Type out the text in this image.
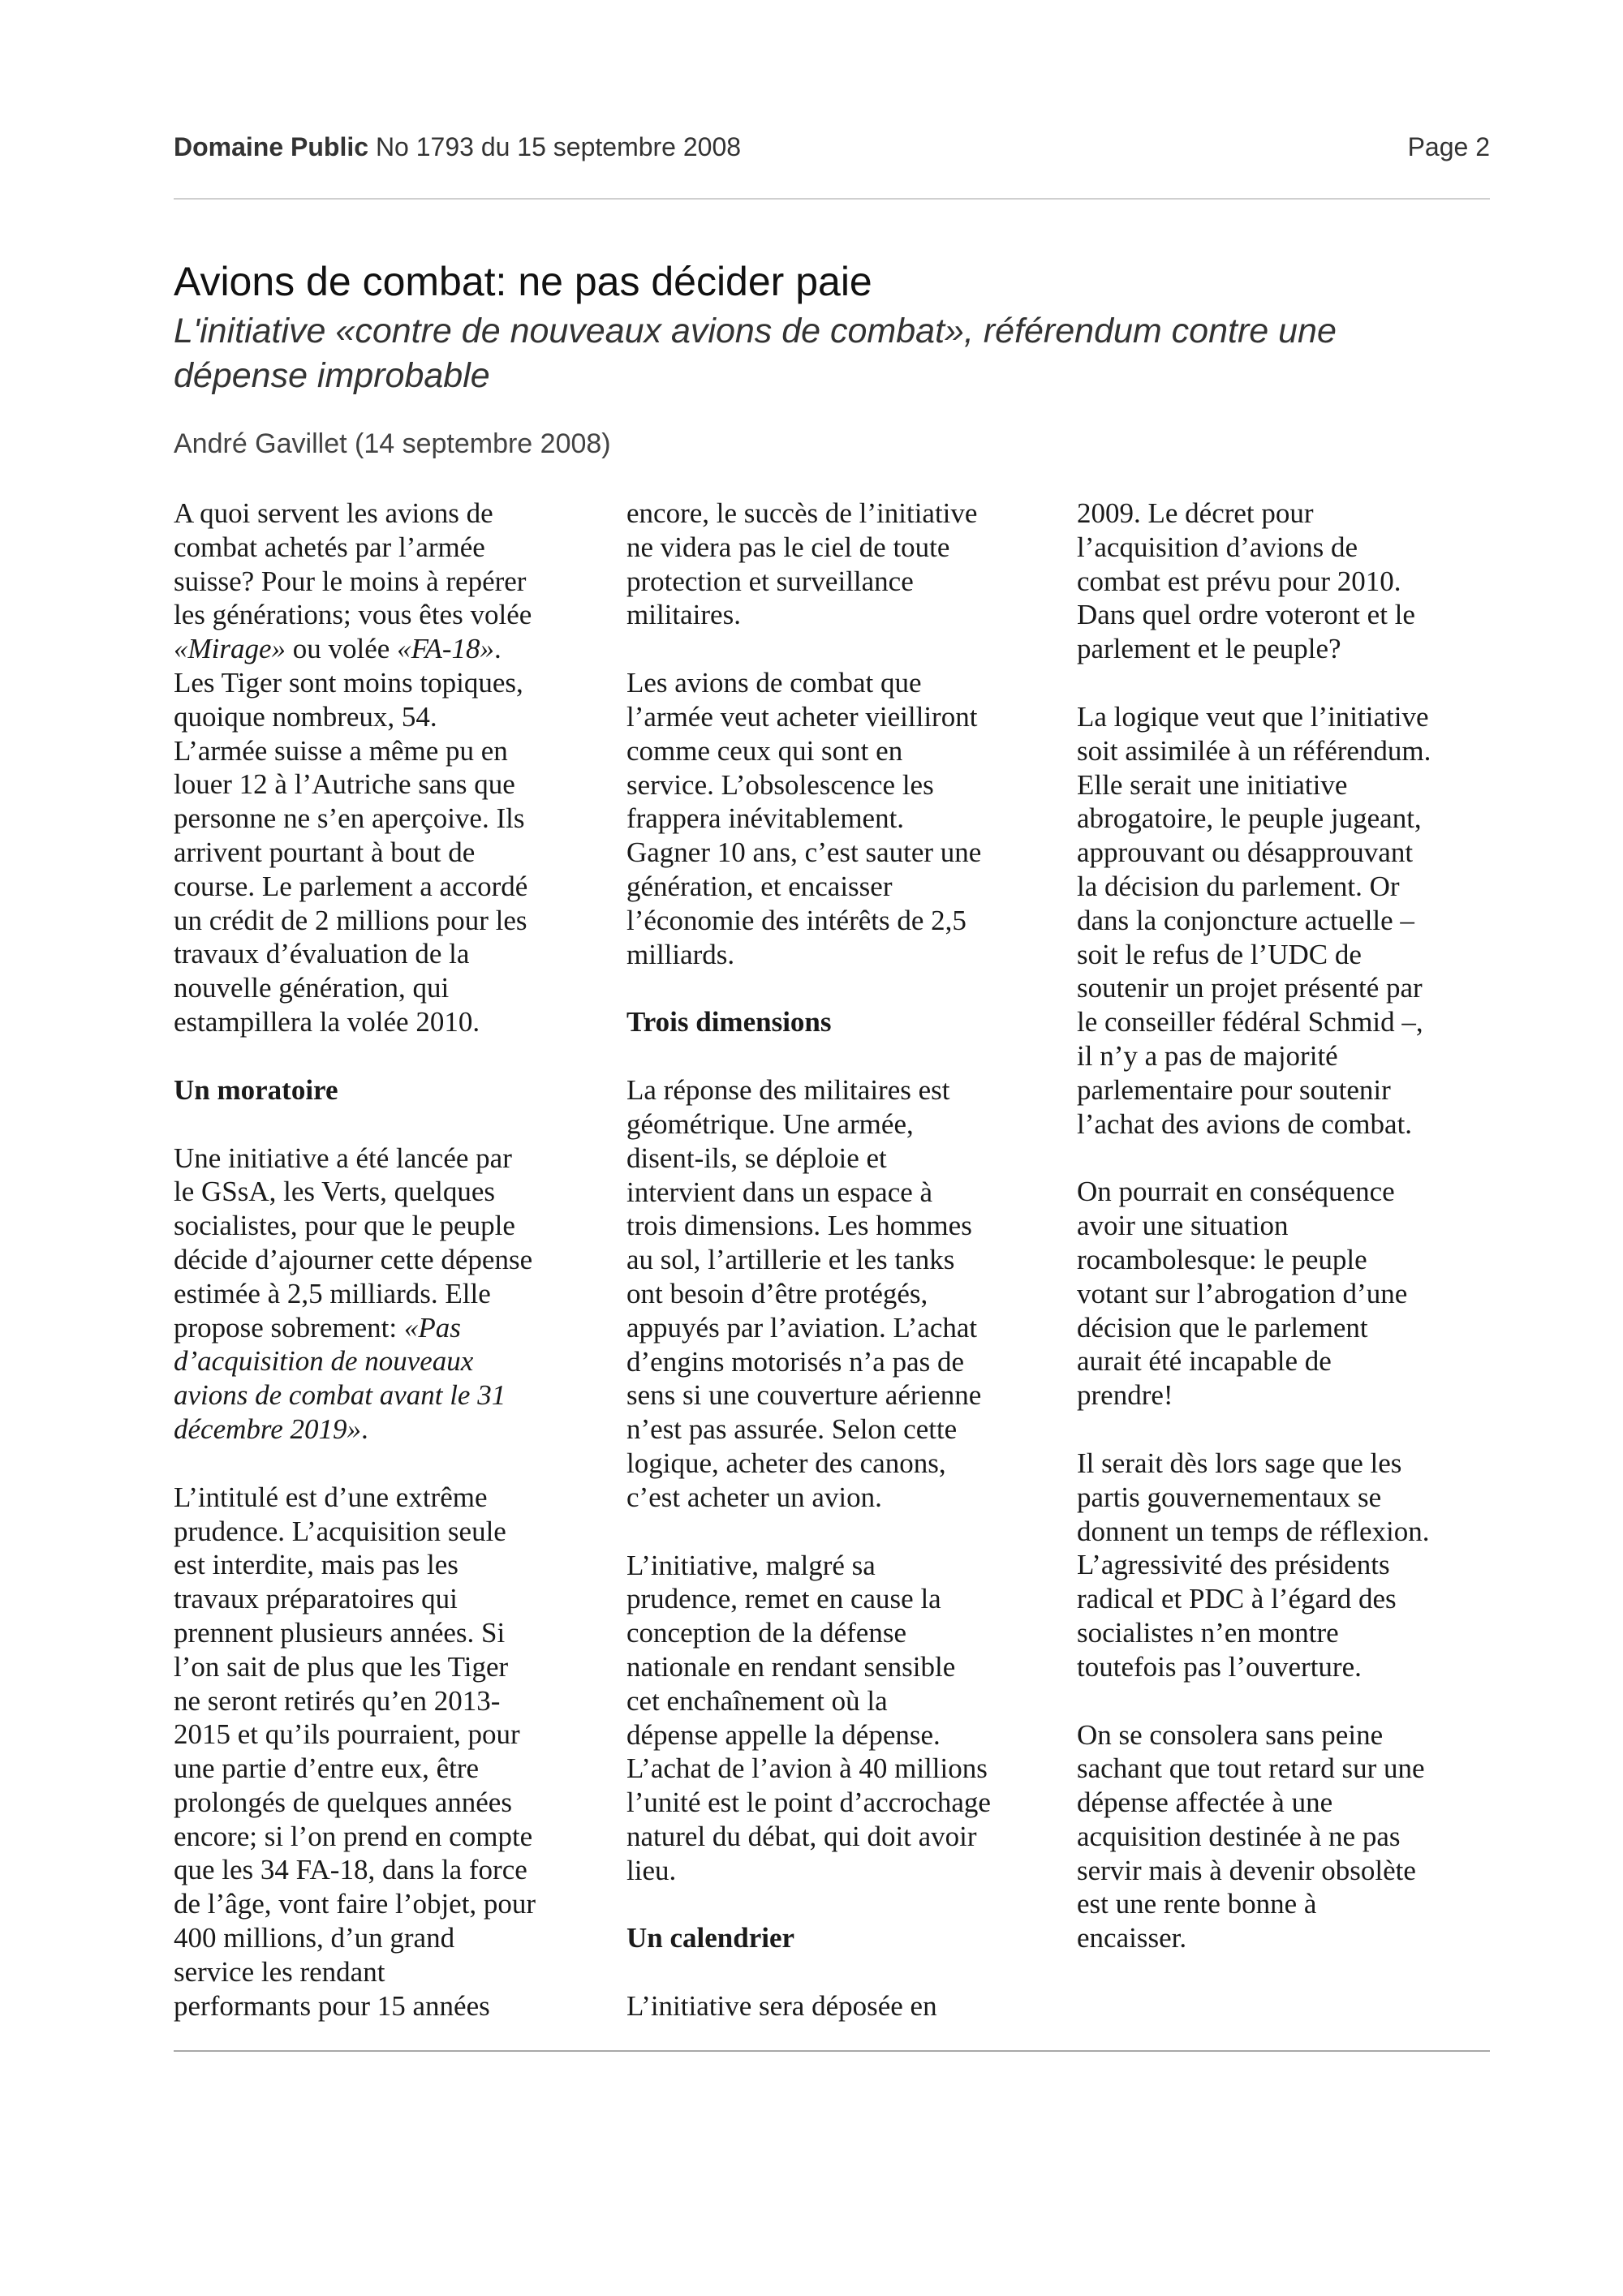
Domaine Public No 1793 du 15 septembre 2008	Page 2
Avions de combat: ne pas décider paie
L'initiative «contre de nouveaux avions de combat», référendum contre une
dépense improbable
André Gavillet (14 septembre 2008)

A quoi servent les avions de
combat achetés par l’armée
suisse? Pour le moins à repérer
les générations; vous êtes volée
«Mirage» ou volée «FA-18».
Les Tiger sont moins topiques,
quoique nombreux, 54.
L’armée suisse a même pu en
louer 12 à l’Autriche sans que
personne ne s’en aperçoive. Ils
arrivent pourtant à bout de
course. Le parlement a accordé
un crédit de 2 millions pour les
travaux d’évaluation de la
nouvelle génération, qui
estampillera la volée 2010.

Un moratoire

Une initiative a été lancée par
le GSsA, les Verts, quelques
socialistes, pour que le peuple
décide d’ajourner cette dépense
estimée à 2,5 milliards. Elle
propose sobrement: «Pas
d’acquisition de nouveaux
avions de combat avant le 31
décembre 2019».

L’intitulé est d’une extrême
prudence. L’acquisition seule
est interdite, mais pas les
travaux préparatoires qui
prennent plusieurs années. Si
l’on sait de plus que les Tiger
ne seront retirés qu’en 2013-
2015 et qu’ils pourraient, pour
une partie d’entre eux, être
prolongés de quelques années
encore; si l’on prend en compte
que les 34 FA-18, dans la force
de l’âge, vont faire l’objet, pour
400 millions, d’un grand
service les rendant
performants pour 15 années

encore, le succès de l’initiative
ne videra pas le ciel de toute
protection et surveillance
militaires.

Les avions de combat que
l’armée veut acheter vieilliront
comme ceux qui sont en
service. L’obsolescence les
frappera inévitablement.
Gagner 10 ans, c’est sauter une
génération, et encaisser
l’économie des intérêts de 2,5
milliards.

Trois dimensions

La réponse des militaires est
géométrique. Une armée,
disent-ils, se déploie et
intervient dans un espace à
trois dimensions. Les hommes
au sol, l’artillerie et les tanks
ont besoin d’être protégés,
appuyés par l’aviation. L’achat
d’engins motorisés n’a pas de
sens si une couverture aérienne
n’est pas assurée. Selon cette
logique, acheter des canons,
c’est acheter un avion.

L’initiative, malgré sa
prudence, remet en cause la
conception de la défense
nationale en rendant sensible
cet enchaînement où la
dépense appelle la dépense.
L’achat de l’avion à 40 millions
l’unité est le point d’accrochage
naturel du débat, qui doit avoir
lieu.

Un calendrier

L’initiative sera déposée en

2009. Le décret pour
l’acquisition d’avions de
combat est prévu pour 2010.
Dans quel ordre voteront et le
parlement et le peuple?

La logique veut que l’initiative
soit assimilée à un référendum.
Elle serait une initiative
abrogatoire, le peuple jugeant,
approuvant ou désapprouvant
la décision du parlement. Or
dans la conjoncture actuelle –
soit le refus de l’UDC de
soutenir un projet présenté par
le conseiller fédéral Schmid –,
il n’y a pas de majorité
parlementaire pour soutenir
l’achat des avions de combat.

On pourrait en conséquence
avoir une situation
rocambolesque: le peuple
votant sur l’abrogation d’une
décision que le parlement
aurait été incapable de
prendre!

Il serait dès lors sage que les
partis gouvernementaux se
donnent un temps de réflexion.
L’agressivité des présidents
radical et PDC à l’égard des
socialistes n’en montre
toutefois pas l’ouverture.

On se consolera sans peine
sachant que tout retard sur une
dépense affectée à une
acquisition destinée à ne pas
servir mais à devenir obsolète
est une rente bonne à
encaisser.
